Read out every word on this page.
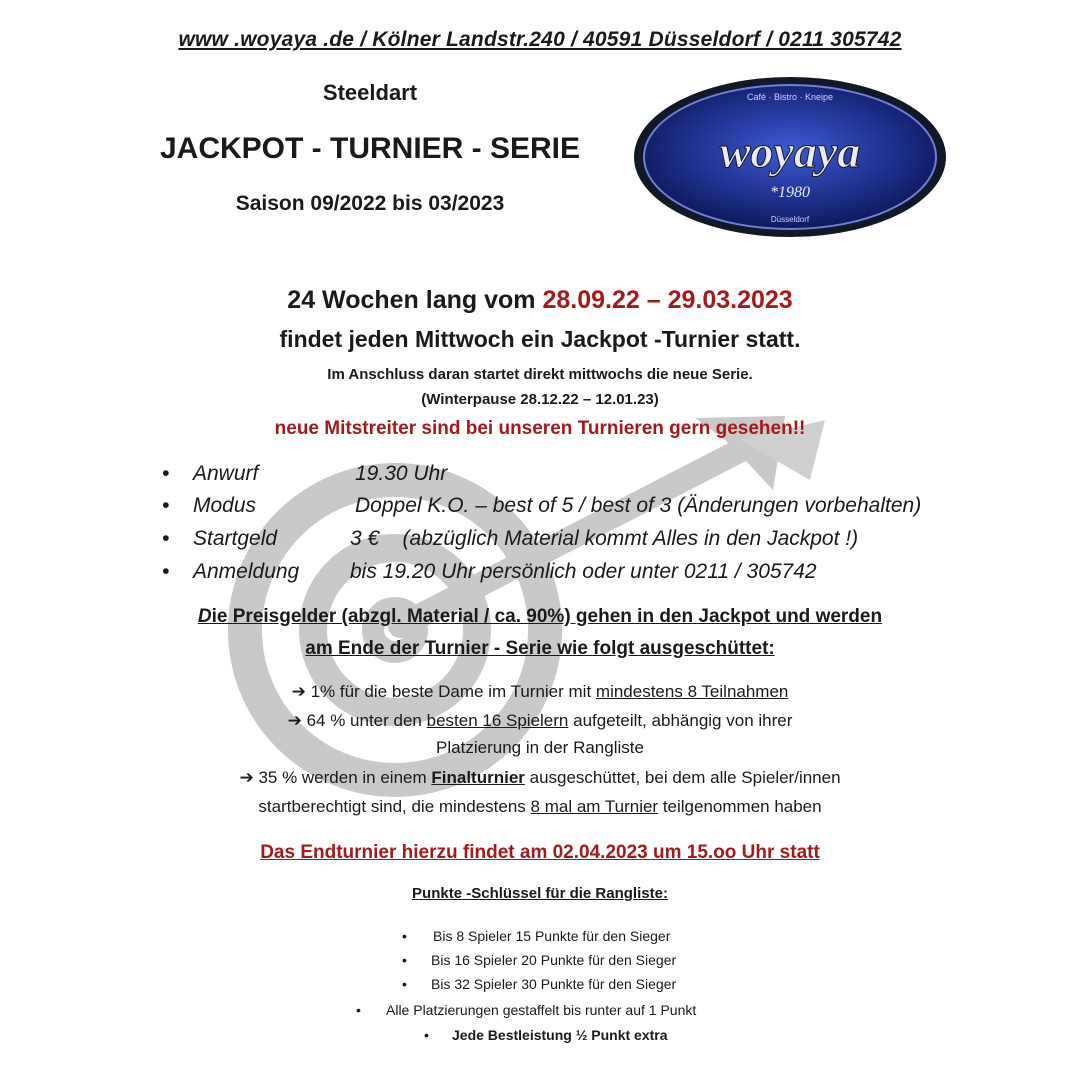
www .woyaya .de / Kölner Landstr.240 / 40591 Düsseldorf / 0211 305742
Steeldart
JACKPOT - TURNIER - SERIE
Saison 09/2022 bis 03/2023
Café · Bistro · Kneipe
woyaya
*1980
Düsseldorf
24 Wochen lang vom 28.09.22 – 29.03.2023
findet jeden Mittwoch ein Jackpot -Turnier statt.
Im Anschluss daran startet direkt mittwochs die neue Serie.
(Winterpause 28.12.22 – 12.01.23)
neue Mitstreiter sind bei unseren Turnieren gern gesehen!!
• Anwurf	19.30 Uhr
• Modus	Doppel K.O. – best of 5 / best of 3 (Änderungen vorbehalten)
• Startgeld	3 €    (abzüglich Material kommt Alles in den Jackpot !)
• Anmeldung bis 19.20 Uhr persönlich oder unter 0211 / 305742
Die Preisgelder (abzgl. Material / ca. 90%) gehen in den Jackpot und werden
am Ende der Turnier - Serie wie folgt ausgeschüttet:
➔ 1% für die beste Dame im Turnier mit mindestens 8 Teilnahmen
➔ 64 % unter den besten 16 Spielern aufgeteilt, abhängig von ihrer
Platzierung in der Rangliste
➔ 35 % werden in einem Finalturnier ausgeschüttet, bei dem alle Spieler/innen
startberechtigt sind, die mindestens 8 mal am Turnier teilgenommen haben
Das Endturnier hierzu findet am 02.04.2023 um 15.oo Uhr statt
Punkte -Schlüssel für die Rangliste:
• Bis 8 Spieler 15 Punkte für den Sieger
• Bis 16 Spieler 20 Punkte für den Sieger
• Bis 32 Spieler 30 Punkte für den Sieger
• Alle Platzierungen gestaffelt bis runter auf 1 Punkt
• Jede Bestleistung ½ Punkt extra
